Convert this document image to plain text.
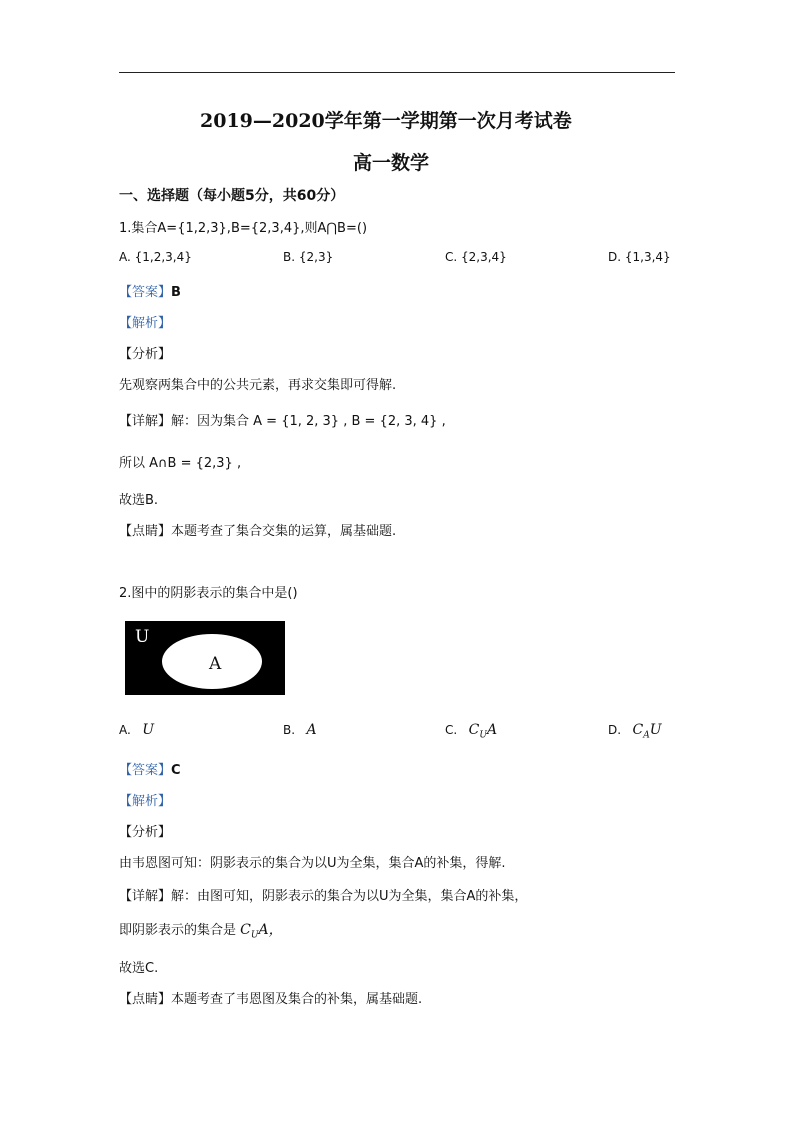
2019—2020学年第一学期第一次月考试卷
高一数学
一、选择题（每小题5分，共60分）
1.集合A={1,2,3},B={2,3,4},则A⋂B=()
A. {1,2,3,4}	B. {2,3}	C. {2,3,4}	D. {1,3,4}
【答案】B
【解析】
【分析】
先观察两集合中的公共元素，再求交集即可得解.
【详解】解：因为集合 A = {1, 2, 3} , B = {2, 3, 4} ,
所以 A∩B = {2,3} ,
故选B.
【点睛】本题考查了集合交集的运算，属基础题.
2.图中的阴影表示的集合中是()
U
A
A. U	B. A	C. $C_UA$	D. $C_AU$
【答案】C
【解析】
【分析】
由韦恩图可知：阴影表示的集合为以U为全集，集合A的补集，得解.
【详解】解：由图可知，阴影表示的集合为以U为全集，集合A的补集，
即阴影表示的集合是 $C_UA$，
故选C.
【点睛】本题考查了韦恩图及集合的补集，属基础题.
